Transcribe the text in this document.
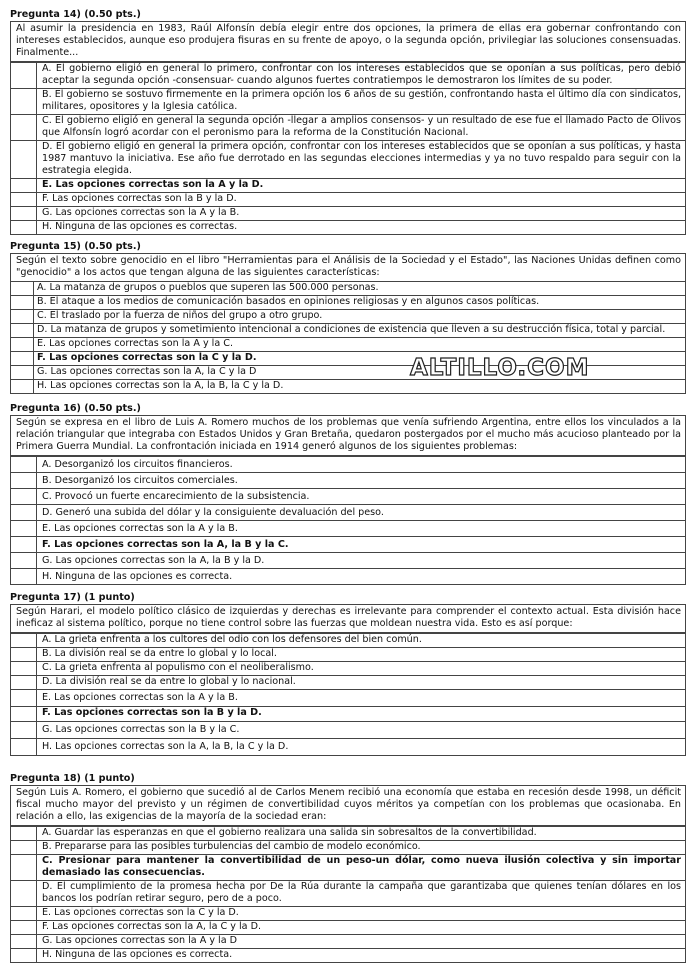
Pregunta 14) (0.50 pts.)
Al asumir la presidencia en 1983, Raúl Alfonsín debía elegir entre dos opciones, la primera de ellas era gobernar confrontando con intereses establecidos, aunque eso produjera fisuras en su frente de apoyo, o la segunda opción, privilegiar las soluciones consensuadas. Finalmente...
A. El gobierno eligió en general lo primero, confrontar con los intereses establecidos que se oponían a sus políticas, pero debió aceptar la segunda opción -consensuar- cuando algunos fuertes contratiempos le demostraron los límites de su poder.
B. El gobierno se sostuvo firmemente en la primera opción los 6 años de su gestión, confrontando hasta el último día con sindicatos, militares, opositores y la Iglesia católica.
C. El gobierno eligió en general la segunda opción -llegar a amplios consensos- y un resultado de ese fue el llamado Pacto de Olivos que Alfonsín logró acordar con el peronismo para la reforma de la Constitución Nacional.
D. El gobierno eligió en general la primera opción, confrontar con los intereses establecidos que se oponían a sus políticas, y hasta 1987 mantuvo la iniciativa. Ese año fue derrotado en las segundas elecciones intermedias y ya no tuvo respaldo para seguir con la estrategia elegida.
E. Las opciones correctas son la A y la D.
F. Las opciones correctas son la B y la D.
G. Las opciones correctas son la A y la B.
H. Ninguna de las opciones es correctas.
Pregunta 15) (0.50 pts.)
Según el texto sobre genocidio en el libro "Herramientas para el Análisis de la Sociedad y el Estado", las Naciones Unidas definen como "genocidio" a los actos que tengan alguna de las siguientes características:
A. La matanza de grupos o pueblos que superen las 500.000 personas.
B. El ataque a los medios de comunicación basados en opiniones religiosas y en algunos casos políticas.
C. El traslado por la fuerza de niños del grupo a otro grupo.
D. La matanza de grupos y sometimiento intencional a condiciones de existencia que lleven a su destrucción física, total y parcial.
E. Las opciones correctas son la A y la C.
F. Las opciones correctas son la C y la D.
G. Las opciones correctas son la A, la C y la D
H. Las opciones correctas son la A, la B, la C y la D.
ALTILLO.COM
Pregunta 16) (0.50 pts.)
Según se expresa en el libro de Luis A. Romero muchos de los problemas que venía sufriendo Argentina, entre ellos los vinculados a la relación triangular que integraba con Estados Unidos y Gran Bretaña, quedaron postergados por el mucho más acucioso planteado por la Primera Guerra Mundial. La confrontación iniciada en 1914 generó algunos de los siguientes problemas:
A. Desorganizó los circuitos financieros.
B. Desorganizó los circuitos comerciales.
C. Provocó un fuerte encarecimiento de la subsistencia.
D. Generó una subida del dólar y la consiguiente devaluación del peso.
E. Las opciones correctas son la A y la B.
F. Las opciones correctas son la A, la B y la C.
G. Las opciones correctas son la A, la B y la D.
H. Ninguna de las opciones es correcta.
Pregunta 17) (1 punto)
Según Harari, el modelo político clásico de izquierdas y derechas es irrelevante para comprender el contexto actual. Esta división hace ineficaz al sistema político, porque no tiene control sobre las fuerzas que moldean nuestra vida. Esto es así porque:
A. La grieta enfrenta a los cultores del odio con los defensores del bien común.
B. La división real se da entre lo global y lo local.
C. La grieta enfrenta al populismo con el neoliberalismo.
D. La división real se da entre lo global y lo nacional.
E. Las opciones correctas son la A y la B.
F. Las opciones correctas son la B y la D.
G. Las opciones correctas son la B y la C.
H. Las opciones correctas son la A, la B, la C y la D.
Pregunta 18) (1 punto)
Según Luis A. Romero, el gobierno que sucedió al de Carlos Menem recibió una economía que estaba en recesión desde 1998, un déficit fiscal mucho mayor del previsto y un régimen de convertibilidad cuyos méritos ya competían con los problemas que ocasionaba. En relación a ello, las exigencias de la mayoría de la sociedad eran:
A. Guardar las esperanzas en que el gobierno realizara una salida sin sobresaltos de la convertibilidad.
B. Prepararse para las posibles turbulencias del cambio de modelo económico.
C. Presionar para mantener la convertibilidad de un peso-un dólar, como nueva ilusión colectiva y sin importar demasiado las consecuencias.
D. El cumplimiento de la promesa hecha por De la Rúa durante la campaña que garantizaba que quienes tenían dólares en los bancos los podrían retirar seguro, pero de a poco.
E. Las opciones correctas son la C y la D.
F. Las opciones correctas son la A, la C y la D.
G. Las opciones correctas son la A y la D
H. Ninguna de las opciones es correcta.
